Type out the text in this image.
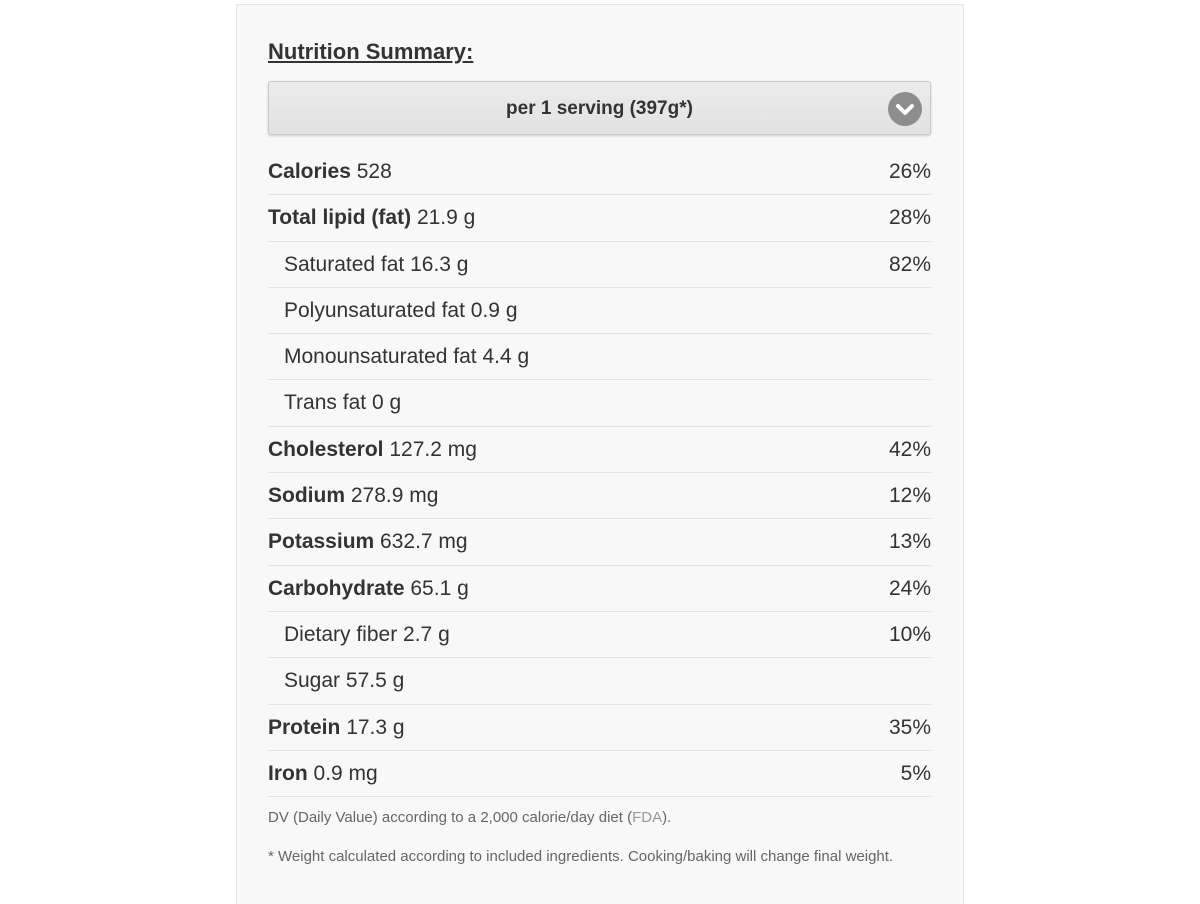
Nutrition Summary:
per 1 serving (397g*)
Calories 528	26%
Total lipid (fat) 21.9 g	28%
Saturated fat 16.3 g	82%
Polyunsaturated fat 0.9 g
Monounsaturated fat 4.4 g
Trans fat 0 g
Cholesterol 127.2 mg	42%
Sodium 278.9 mg	12%
Potassium 632.7 mg	13%
Carbohydrate 65.1 g	24%
Dietary fiber 2.7 g	10%
Sugar 57.5 g
Protein 17.3 g	35%
Iron 0.9 mg	5%
DV (Daily Value) according to a 2,000 calorie/day diet (FDA).
* Weight calculated according to included ingredients. Cooking/baking will change final weight.
